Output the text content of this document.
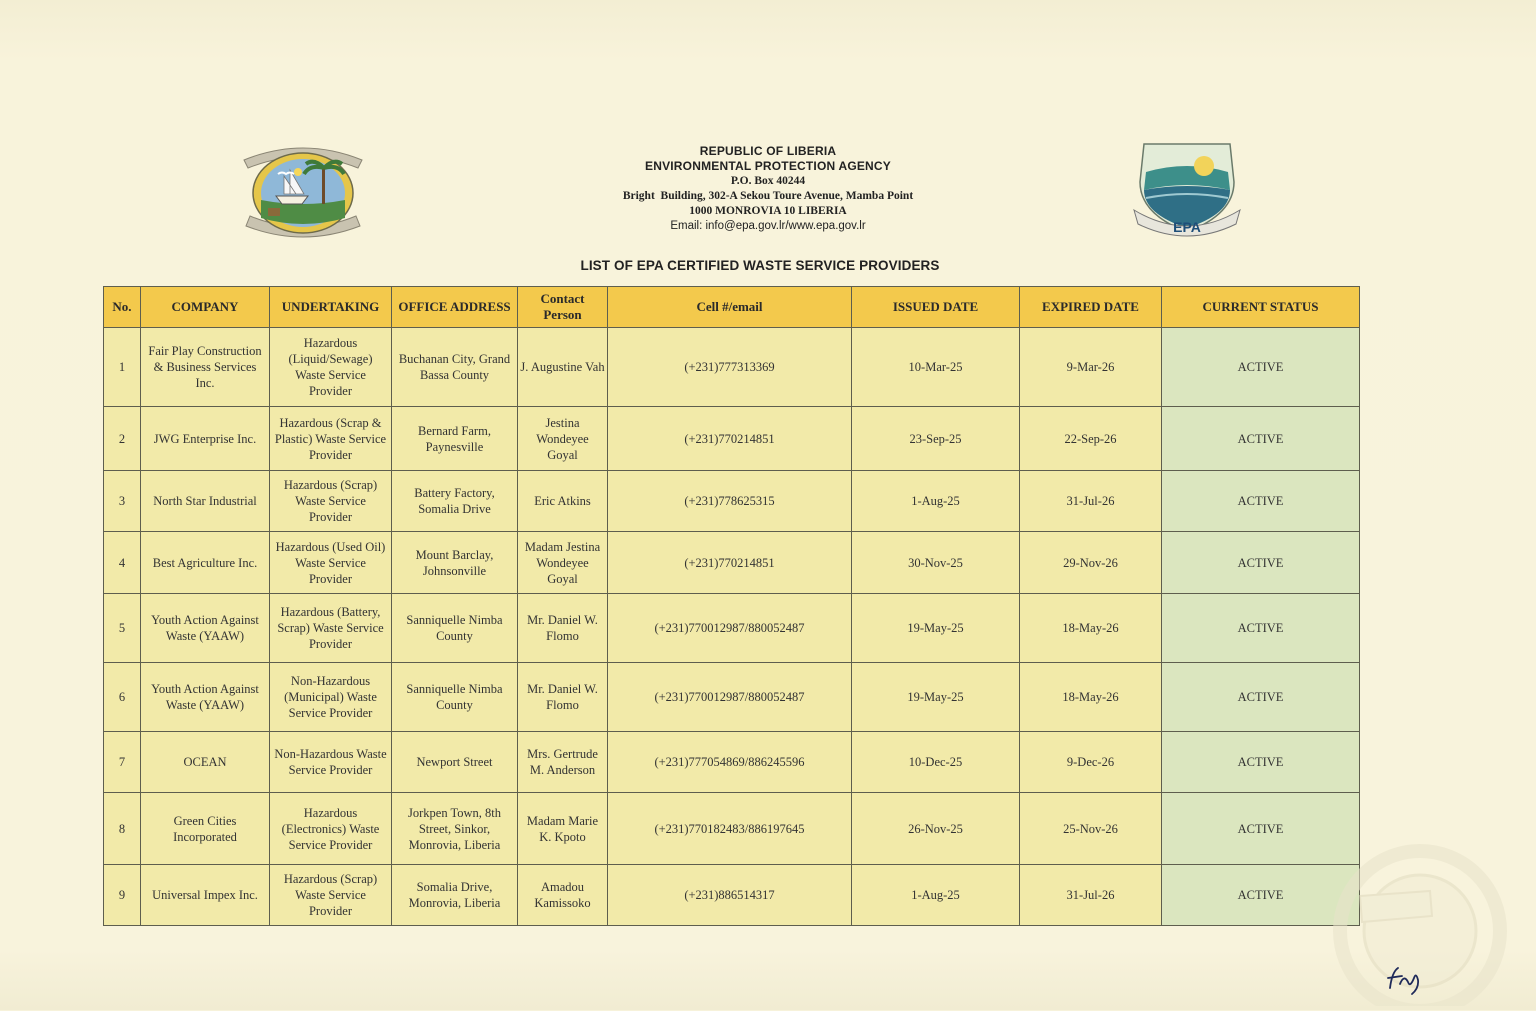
EPA
REPUBLIC OF LIBERIA
ENVIRONMENTAL PROTECTION AGENCY
P.O. Box 40244
Bright  Building, 302-A Sekou Toure Avenue, Mamba Point
1000 MONROVIA 10 LIBERIA
Email: info@epa.gov.lr/www.epa.gov.lr
LIST OF EPA CERTIFIED WASTE SERVICE PROVIDERS
No.	COMPANY	UNDERTAKING	OFFICE ADDRESS	Contact Person	Cell #/email	ISSUED DATE	EXPIRED DATE	CURRENT STATUS
1	Fair Play Construction & Business Services Inc.	Hazardous (Liquid/Sewage) Waste Service Provider	Buchanan City, Grand Bassa County	J. Augustine Vah	(+231)777313369	10-Mar-25	9-Mar-26	ACTIVE
2	JWG Enterprise Inc.	Hazardous (Scrap & Plastic) Waste Service Provider	Bernard Farm, Paynesville	Jestina Wondeyee Goyal	(+231)770214851	23-Sep-25	22-Sep-26	ACTIVE
3	North Star Industrial	Hazardous (Scrap) Waste Service Provider	Battery Factory, Somalia Drive	Eric Atkins	(+231)778625315	1-Aug-25	31-Jul-26	ACTIVE
4	Best Agriculture Inc.	Hazardous (Used Oil) Waste Service Provider	Mount Barclay, Johnsonville	Madam Jestina Wondeyee Goyal	(+231)770214851	30-Nov-25	29-Nov-26	ACTIVE
5	Youth Action Against Waste (YAAW)	Hazardous (Battery, Scrap) Waste Service Provider	Sanniquelle Nimba County	Mr. Daniel W. Flomo	(+231)770012987/880052487	19-May-25	18-May-26	ACTIVE
6	Youth Action Against Waste (YAAW)	Non-Hazardous (Municipal) Waste Service Provider	Sanniquelle Nimba County	Mr. Daniel W. Flomo	(+231)770012987/880052487	19-May-25	18-May-26	ACTIVE
7	OCEAN	Non-Hazardous Waste Service Provider	Newport Street	Mrs. Gertrude M. Anderson	(+231)777054869/886245596	10-Dec-25	9-Dec-26	ACTIVE
8	Green Cities Incorporated	Hazardous (Electronics) Waste Service Provider	Jorkpen Town, 8th Street, Sinkor, Monrovia, Liberia	Madam Marie K. Kpoto	(+231)770182483/886197645	26-Nov-25	25-Nov-26	ACTIVE
9	Universal Impex Inc.	Hazardous (Scrap) Waste Service Provider	Somalia Drive, Monrovia, Liberia	Amadou Kamissoko	(+231)886514317	1-Aug-25	31-Jul-26	ACTIVE
